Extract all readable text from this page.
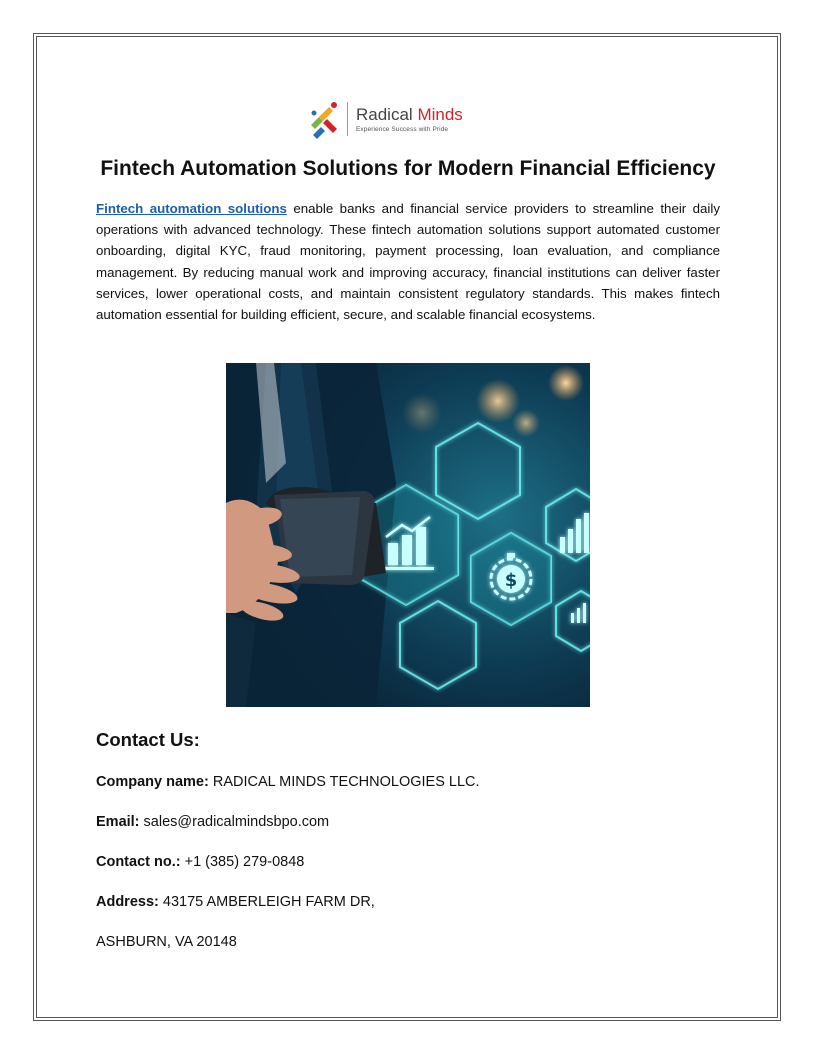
Radical Minds
Experience Success with Pride
Fintech Automation Solutions for Modern Financial Efficiency

Fintech automation solutions enable banks and financial service providers to streamline their daily operations with advanced technology. These fintech automation solutions support automated customer onboarding, digital KYC, fraud monitoring, payment processing, loan evaluation, and compliance management. By reducing manual work and improving accuracy, financial institutions can deliver faster services, lower operational costs, and maintain consistent regulatory standards. This makes fintech automation essential for building efficient, secure, and scalable financial ecosystems.

$
Contact Us:

Company name: RADICAL MINDS TECHNOLOGIES LLC.

Email: sales@radicalmindsbpo.com

Contact no.: +1 (385) 279-0848

Address: 43175 AMBERLEIGH FARM DR,

ASHBURN, VA 20148
